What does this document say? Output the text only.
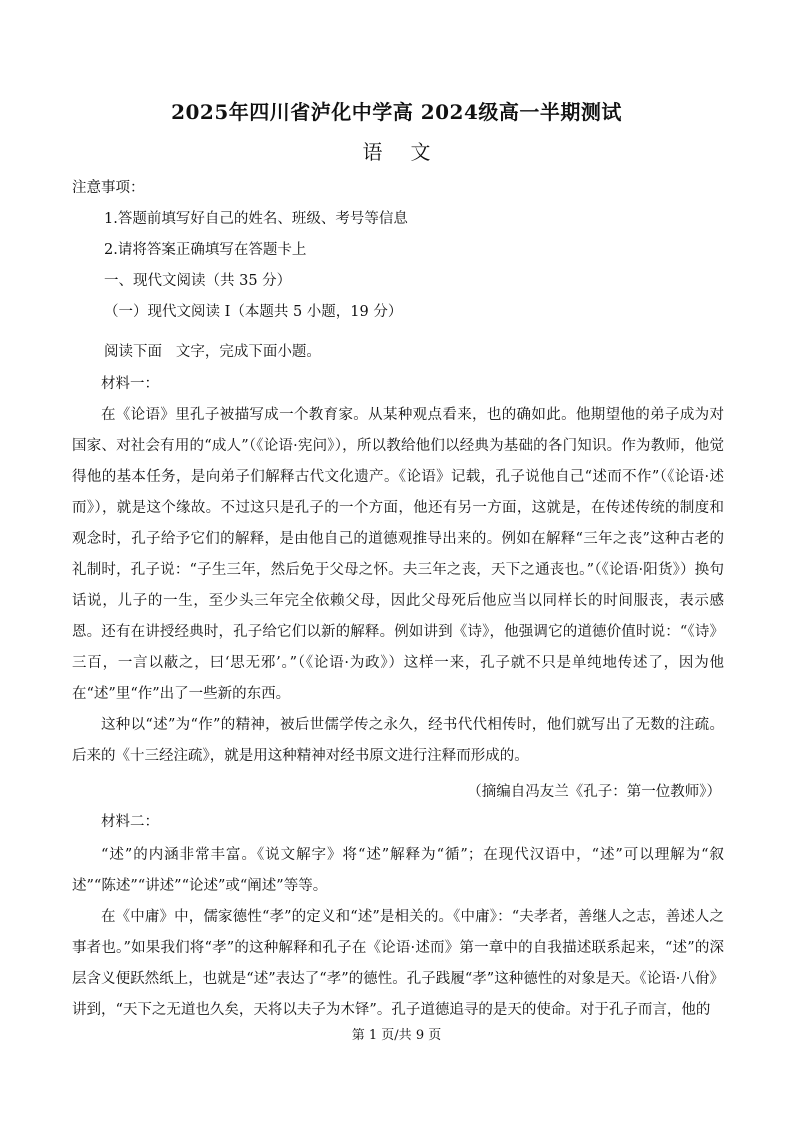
2025年四川省泸化中学高 2024级高一半期测试
语文
注意事项：
1.答题前填写好自己的姓名、班级、考号等信息
2.请将答案正确填写在答题卡上
一、现代文阅读（共 35 分）
（一）现代文阅读 I（本题共 5 小题，19 分）
阅读下面   文字，完成下面小题。
材料一：

在《论语》里孔子被描写成一个教育家。从某种观点看来，也的确如此。他期望他的弟子成为对国家、对社会有用的“成人”（《论语·宪问》），所以教给他们以经典为基础的各门知识。作为教师，他觉得他的基本任务，是向弟子们解释古代文化遗产。《论语》记载，孔子说他自己“述而不作”（《论语·述而》），就是这个缘故。不过这只是孔子的一个方面，他还有另一方面，这就是，在传述传统的制度和观念时，孔子给予它们的解释，是由他自己的道德观推导出来的。例如在解释“三年之丧”这种古老的礼制时，孔子说：“子生三年，然后免于父母之怀。夫三年之丧，天下之通丧也。”（《论语·阳货》）换句话说，儿子的一生，至少头三年完全依赖父母，因此父母死后他应当以同样长的时间服丧，表示感恩。还有在讲授经典时，孔子给它们以新的解释。例如讲到《诗》，他强调它的道德价值时说：“《诗》三百，一言以蔽之，曰‘思无邪’。”（《论语·为政》）这样一来，孔子就不只是单纯地传述了，因为他在“述”里“作”出了一些新的东西。

这种以“述”为“作”的精神，被后世儒学传之永久，经书代代相传时，他们就写出了无数的注疏。后来的《十三经注疏》，就是用这种精神对经书原文进行注释而形成的。

（摘编自冯友兰《孔子：第一位教师》）
材料二：

“述”的内涵非常丰富。《说文解字》将“述”解释为“循”；在现代汉语中，“述”可以理解为“叙述”“陈述”“讲述”“论述”或“阐述”等等。

在《中庸》中，儒家德性“孝”的定义和“述”是相关的。《中庸》：“夫孝者，善继人之志，善述人之事者也。”如果我们将“孝”的这种解释和孔子在《论语·述而》第一章中的自我描述联系起来，“述”的深层含义便跃然纸上，也就是“述”表达了“孝”的德性。孔子践履“孝”这种德性的对象是天。《论语·八佾》讲到，“天下之无道也久矣，天将以夫子为木铎”。孔子道德追寻的是天的使命。对于孔子而言，他的

第 1 页/共 9 页
